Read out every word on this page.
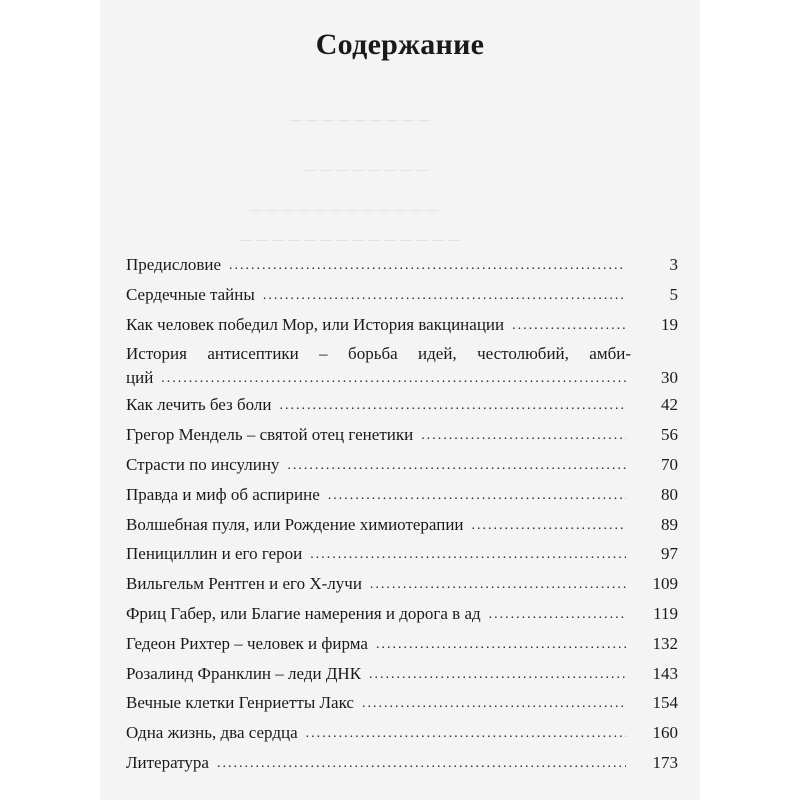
— — — — — — — — —
— — — — — — — —
— — — — — — — — — — — —
— — — — — — — — — — — — — —
Содержание
Предисловие .....	3
Сердечные тайны .....	5
Как человек победил Мор, или История вакцинации .....	19
История антисептики – борьба идей, честолюбий, амби-
ций .....	30
Как лечить без боли .....	42
Грегор Мендель – святой отец генетики .....	56
Страсти по инсулину .....	70
Правда и миф об аспирине .....	80
Волшебная пуля, или Рождение химиотерапии .....	89
Пенициллин и его герои .....	97
Вильгельм Рентген и его X-лучи .....	109
Фриц Габер, или Благие намерения и дорога в ад .....	119
Гедеон Рихтер – человек и фирма .....	132
Розалинд Франклин – леди ДНК .....	143
Вечные клетки Генриетты Лакс .....	154
Одна жизнь, два сердца .....	160
Литература .....	173
